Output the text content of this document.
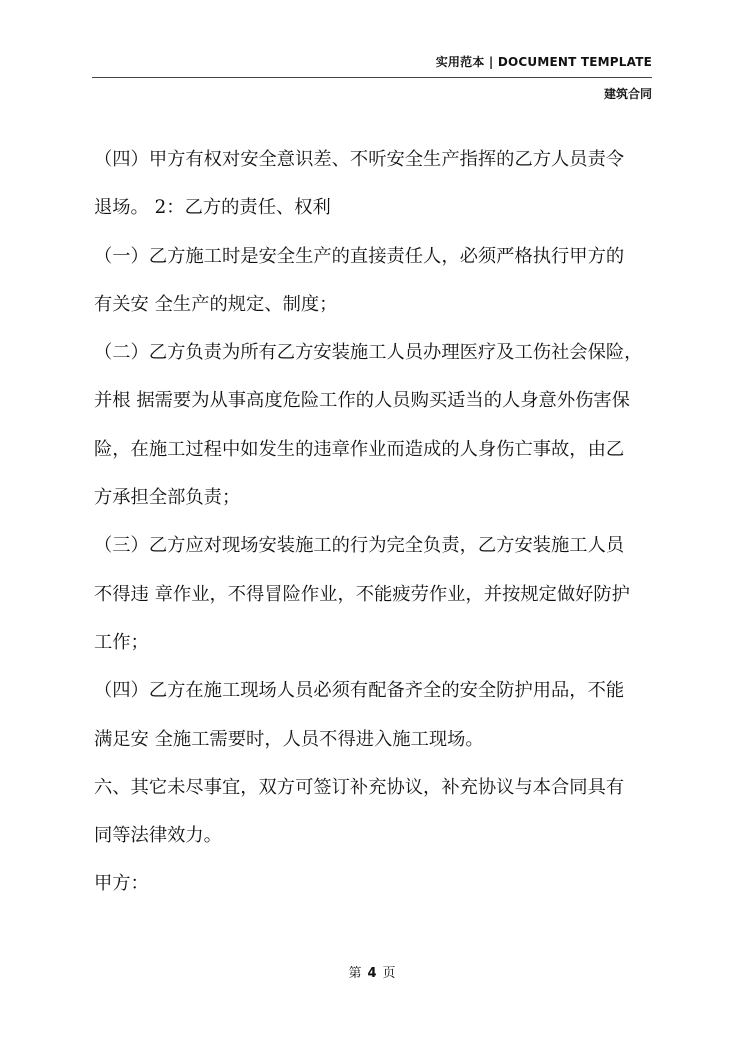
实用范本 | DOCUMENT TEMPLATE
建筑合同
（四）甲方有权对安全意识差、不听安全生产指挥的乙方人员责令
退场。 2：乙方的责任、权利
（一）乙方施工时是安全生产的直接责任人，必须严格执行甲方的
有关安 全生产的规定、制度；
（二）乙方负责为所有乙方安装施工人员办理医疗及工伤社会保险，
并根 据需要为从事高度危险工作的人员购买适当的人身意外伤害保
险，在施工过程中如发生的违章作业而造成的人身伤亡事故，由乙
方承担全部负责；
（三）乙方应对现场安装施工的行为完全负责，乙方安装施工人员
不得违 章作业，不得冒险作业，不能疲劳作业，并按规定做好防护
工作；
（四）乙方在施工现场人员必须有配备齐全的安全防护用品，不能
满足安 全施工需要时，人员不得进入施工现场。
六、其它未尽事宜，双方可签订补充协议，补充协议与本合同具有
同等法律效力。
甲方：
第 4 页
